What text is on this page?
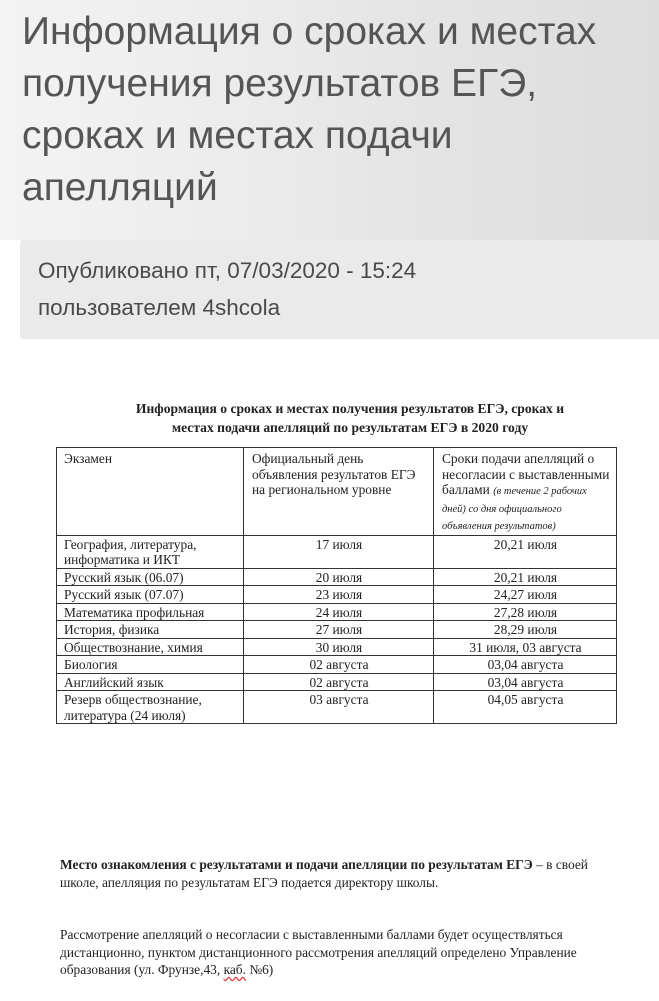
Информация о сроках и местах получения результатов ЕГЭ, сроках и местах подачи апелляций

Опубликовано пт, 07/03/2020 - 15:24
пользователем 4shcola

Информация о сроках и местах получения результатов ЕГЭ, сроках и
местах подачи апелляций по результатам ЕГЭ в 2020 году

Экзамен	Официальный день объявления результатов ЕГЭ на региональном уровне	Сроки подачи апелляций о несогласии с выставленными баллами (в течение 2 рабочих дней) со дня официального объявления результатов)
География, литература, информатика и ИКТ	17 июля	20,21 июля
Русский язык (06.07)	20 июля	20,21 июля
Русский язык (07.07)	23 июля	24,27 июля
Математика профильная	24 июля	27,28 июля
История, физика	27 июля	28,29 июля
Обществознание, химия	30 июля	31 июля, 03 августа
Биология	02 августа	03,04 августа
Английский язык	02 августа	03,04 августа
Резерв обществознание, литература (24 июля)	03 августа	04,05 августа

Место ознакомления с результатами и подачи апелляции по результатам ЕГЭ – в своей школе, апелляция по результатам ЕГЭ подается директору школы.

Рассмотрение апелляций о несогласии с выставленными баллами будет осуществляться дистанционно, пунктом дистанционного рассмотрения апелляций определено Управление образования (ул. Фрунзе,43, каб. №6)
